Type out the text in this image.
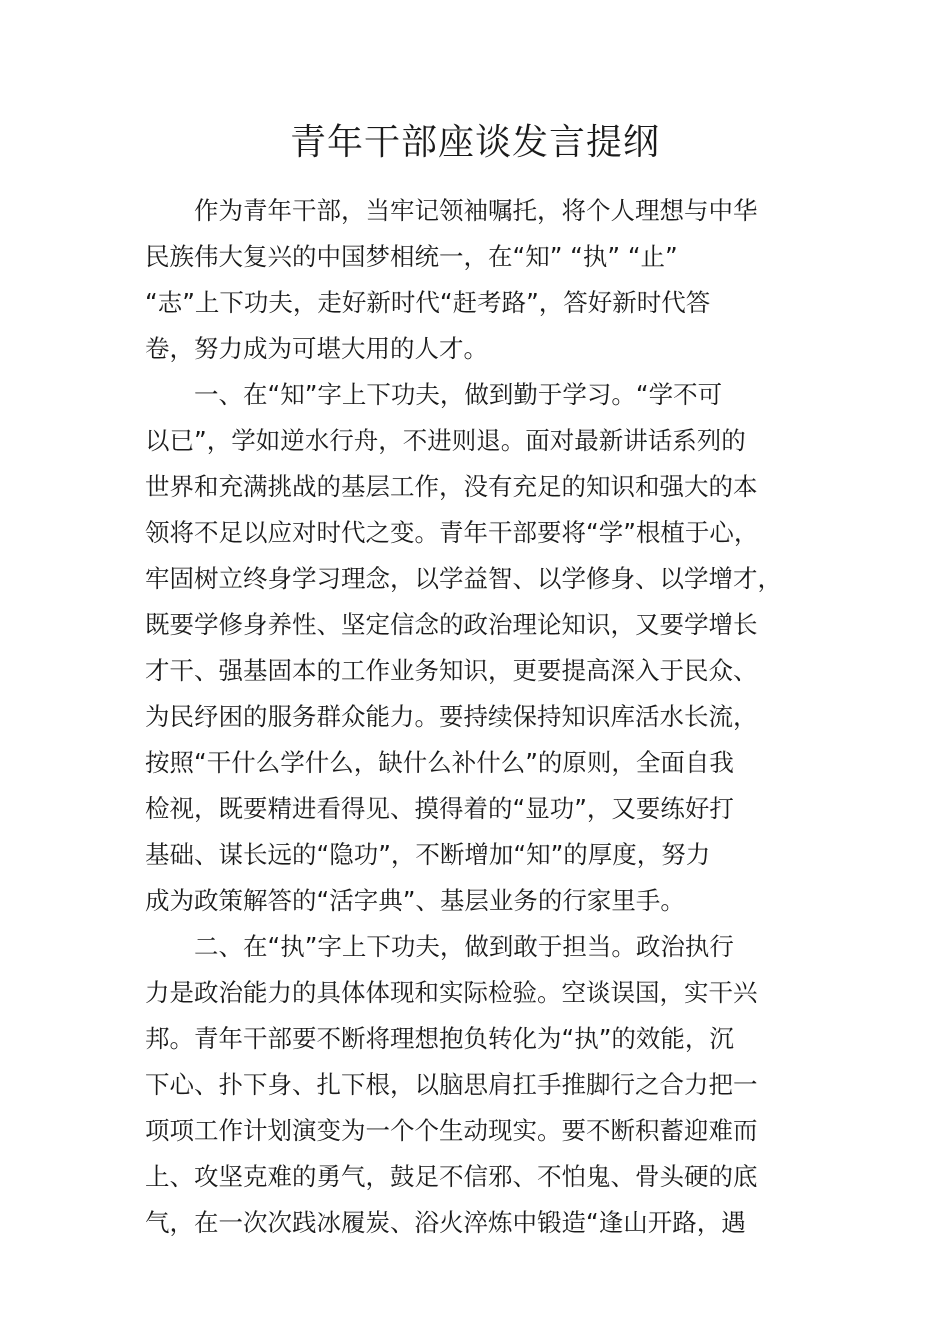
青年干部座谈发言提纲
作为青年干部，当牢记领袖嘱托，将个人理想与中华
民族伟大复兴的中国梦相统一，在“知” “执” “止”
“志”上下功夫，走好新时代“赶考路”，答好新时代答
卷，努力成为可堪大用的人才。
一、在“知”字上下功夫，做到勤于学习。“学不可
以已”，学如逆水行舟，不进则退。面对最新讲话系列的
世界和充满挑战的基层工作，没有充足的知识和强大的本
领将不足以应对时代之变。青年干部要将“学”根植于心，
牢固树立终身学习理念，以学益智、以学修身、以学增才，
既要学修身养性、坚定信念的政治理论知识，又要学增长
才干、强基固本的工作业务知识，更要提高深入于民众、
为民纾困的服务群众能力。要持续保持知识库活水长流，
按照“干什么学什么，缺什么补什么”的原则，全面自我
检视，既要精进看得见、摸得着的“显功”，又要练好打
基础、谋长远的“隐功”，不断增加“知”的厚度，努力
成为政策解答的“活字典”、基层业务的行家里手。
二、在“执”字上下功夫，做到敢于担当。政治执行
力是政治能力的具体体现和实际检验。空谈误国，实干兴
邦。青年干部要不断将理想抱负转化为“执”的效能，沉
下心、扑下身、扎下根，以脑思肩扛手推脚行之合力把一
项项工作计划演变为一个个生动现实。要不断积蓄迎难而
上、攻坚克难的勇气，鼓足不信邪、不怕鬼、骨头硬的底
气，在一次次践冰履炭、浴火淬炼中锻造“逢山开路，遇
